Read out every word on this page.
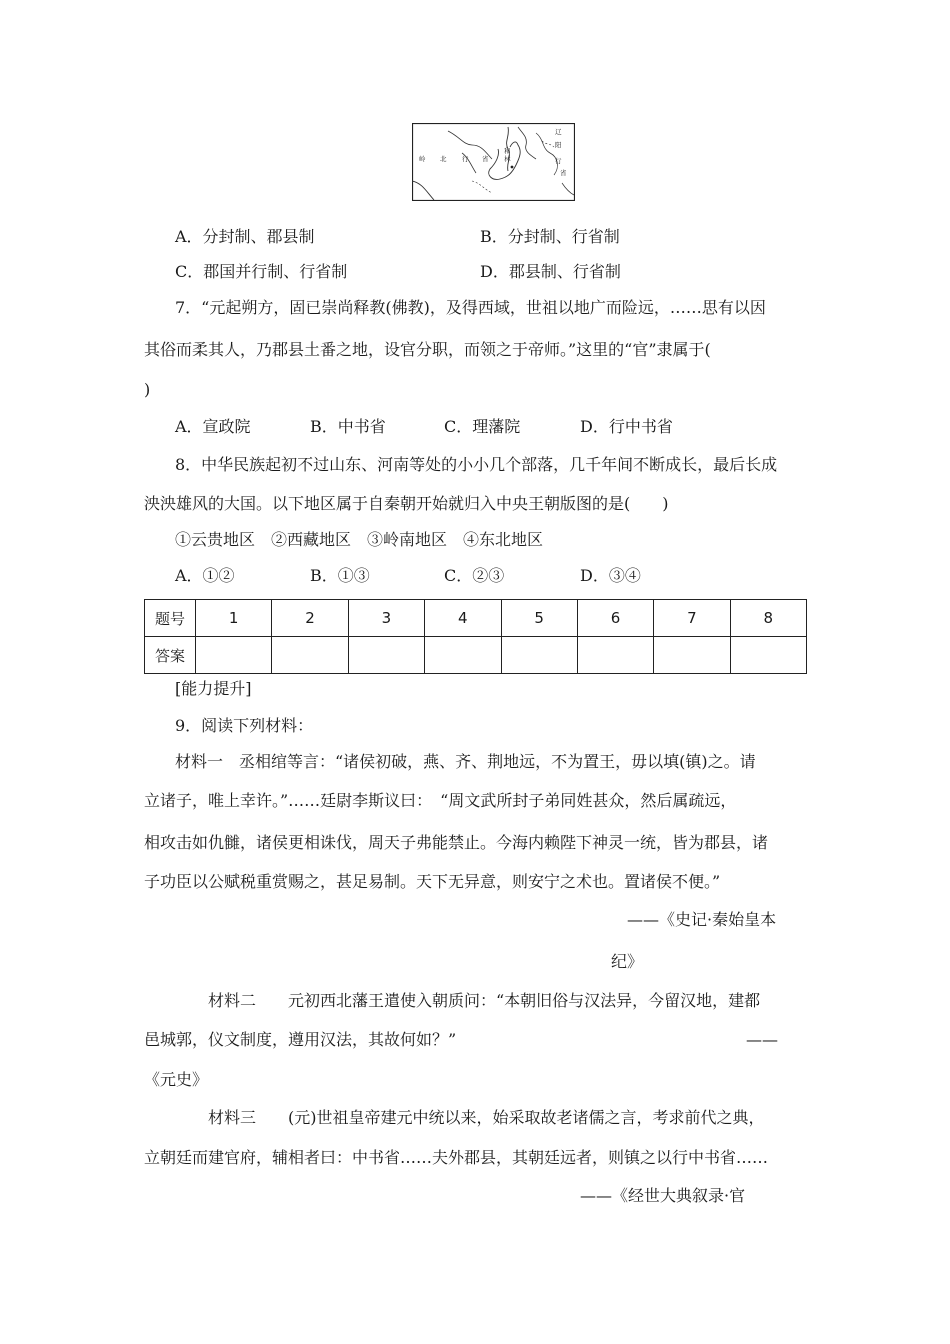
岭 北 行 省
和
林
辽
阳
行
省
A．分封制、郡县制	B．分封制、行省制
C．郡国并行制、行省制	D．郡县制、行省制
7．“元起朔方，固已崇尚释教(佛教)，及得西域，世祖以地广而险远，……思有以因
其俗而柔其人，乃郡县土番之地，设官分职，而领之于帝师。”这里的“官”隶属于(
)
A．宣政院	B．中书省	C．理藩院	D．行中书省
8．中华民族起初不过山东、河南等处的小小几个部落，几千年间不断成长，最后长成
泱泱雄风的大国。以下地区属于自秦朝开始就归入中央王朝版图的是(　　)
①云贵地区　②西藏地区　③岭南地区　④东北地区
A．①②	B．①③	C．②③	D．③④
题号	1	2	3	4	5	6	7	8
答案								
[能力提升]
9．阅读下列材料：
材料一　丞相绾等言：“诸侯初破，燕、齐、荆地远，不为置王，毋以填(镇)之。请
立诸子，唯上幸许。”……廷尉李斯议曰：　“周文武所封子弟同姓甚众，然后属疏远，
相攻击如仇雠，诸侯更相诛伐，周天子弗能禁止。今海内赖陛下神灵一统，皆为郡县，诸
子功臣以公赋税重赏赐之，甚足易制。天下无异意，则安宁之术也。置诸侯不便。”
——《史记·秦始皇本
纪》
材料二　　元初西北藩王遣使入朝质问：“本朝旧俗与汉法异，今留汉地，建都
邑城郭，仪文制度，遵用汉法，其故何如？”	——
《元史》
材料三　　(元)世祖皇帝建元中统以来，始采取故老诸儒之言，考求前代之典，
立朝廷而建官府，辅相者曰：中书省……夫外郡县，其朝廷远者，则镇之以行中书省……
——《经世大典叙录·官
